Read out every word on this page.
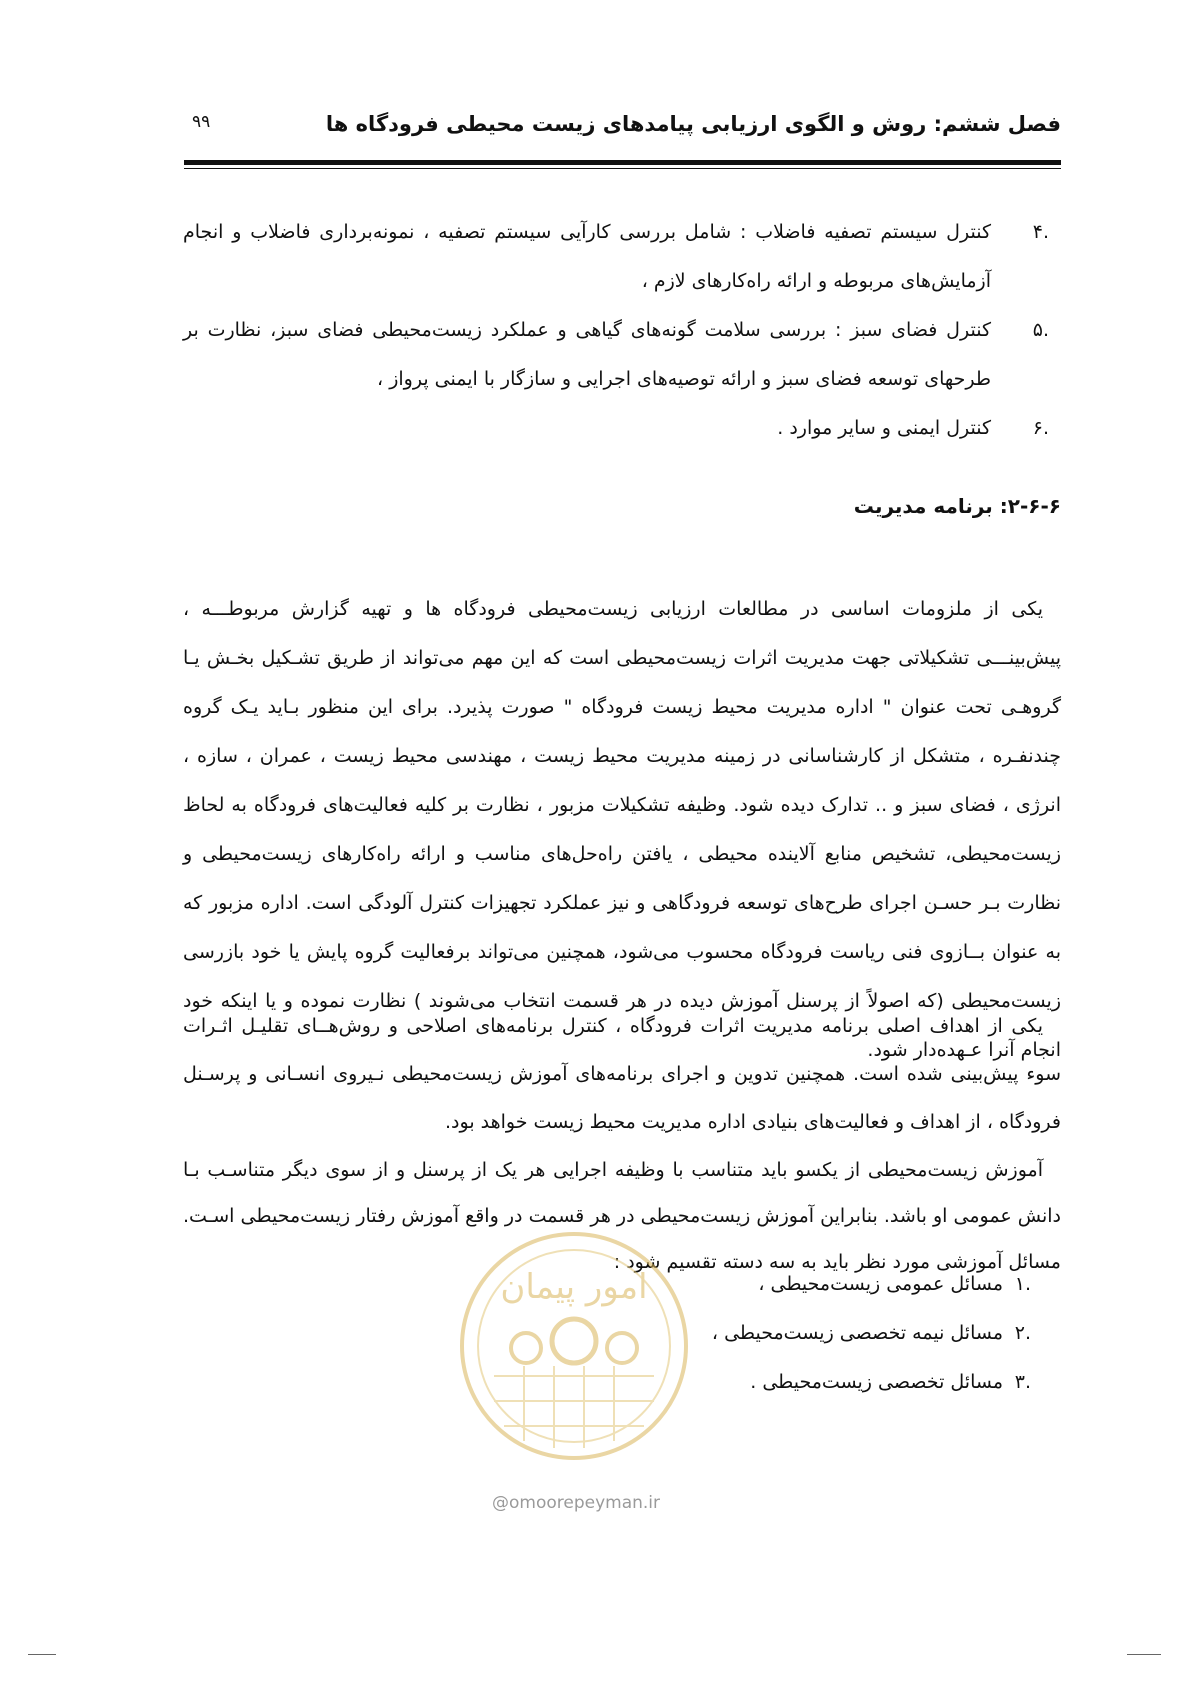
فصل ششم: روش و الگوی ارزیابی پیامدهای زیست محیطی فرودگاه ها
۹۹
.۴
کنترل سیستم تصفیه فاضلاب : شامل بررسی کارآیی سیستم تصفیه ، نمونه‌برداری فاضلاب و انجام آزمایش‌های مربوطه و ارائه راه‌کارهای لازم ،
.۵
کنترل فضای سبز : بررسی سلامت گونه‌های گیاهی و عملکرد زیست‌محیطی فضای سبز، نظارت بر طرحهای توسعه فضای سبز و ارائه توصیه‌های اجرایی و سازگار با ایمنی پرواز ،
.۶
کنترل ایمنی و سایر موارد .
۲-۶-۶: برنامه مدیریت

یکی از ملزومات اساسی در مطالعات ارزیابی زیست‌محیطی فرودگاه ها و تهیه گزارش مربوطـــه ، پیش‌بینـــی تشکیلاتی جهت مدیریت اثرات زیست‌محیطی است که این مهم می‌تواند از طریق تشـکیل بخـش یـا گروهـی تحت عنوان " اداره مدیریت محیط زیست فرودگاه " صورت پذیرد. برای این منظور بـاید یـک گروه چندنفـره ، متشکل از کارشناسانی در زمینه مدیریت محیط زیست ، مهندسی محیط زیست ، عمران ، سازه ، انرژی ، فضای سبز و .. تدارک دیده شود. وظیفه تشکیلات مزبور ، نظارت بر کلیه فعالیت‌های فرودگاه به لحاظ زیست‌محیطی، تشخیص منابع آلاینده محیطی ، یافتن راه‌حل‌های مناسب و ارائه راه‌کارهای زیست‌محیطی و نظارت بـر حسـن اجرای طرح‌های توسعه فرودگاهی و نیز عملکرد تجهیزات کنترل آلودگی است. اداره مزبور که به عنوان بــازوی فنی ریاست فرودگاه محسوب می‌شود، همچنین می‌تواند برفعالیت گروه پایش یا خود بازرسی زیست‌محیطی (که اصولاً از پرسنل آموزش دیده در هر قسمت انتخاب می‌شوند ) نظارت نموده و یا اینکه خود انجام آنرا عـهده‌دار شود.

یکی از اهداف اصلی برنامه مدیریت اثرات فرودگاه ، کنترل برنامه‌های اصلاحی و روش‌هــای تقلیـل اثـرات سوء پیش‌بینی شده است. همچنین تدوین و اجرای برنامه‌های آموزش زیست‌محیطی نـیروی انسـانی و پرسـنل فرودگاه ، از اهداف و فعالیت‌های بنیادی اداره مدیریت محیط زیست خواهد بود.

آموزش زیست‌محیطی از یکسو باید متناسب با وظیفه اجرایی هر یک از پرسنل و از سوی دیگر متناسـب بـا دانش عمومی او باشد. بنابراین آموزش زیست‌محیطی در هر قسمت در واقع آموزش رفتار زیست‌محیطی اسـت. مسائل آموزشی مورد نظر باید به سه دسته تقسیم شود :

امور پیمان	.۱
مسائل عمومی زیست‌محیطی ،
.۲
مسائل نیمه تخصصی زیست‌محیطی ،
.۳
مسائل تخصصی زیست‌محیطی .
@omoorepeyman.ir
